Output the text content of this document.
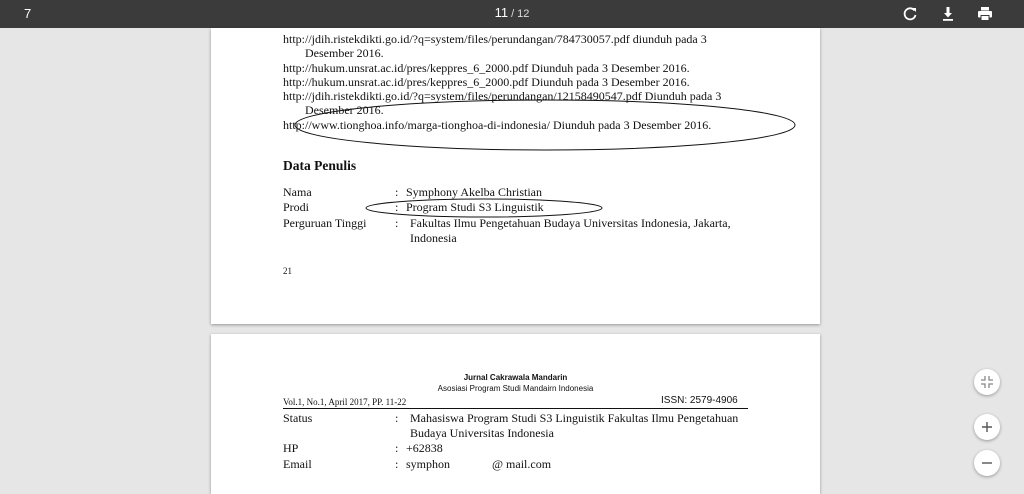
7	11 / 12
http://jdih.ristekdikti.go.id/?q=system/files/perundangan/784730057.pdf diunduh pada 3
Desember 2016.
http://hukum.unsrat.ac.id/pres/keppres_6_2000.pdf Diunduh pada 3 Desember 2016.
http://hukum.unsrat.ac.id/pres/keppres_6_2000.pdf Diunduh pada 3 Desember 2016.
http://jdih.ristekdikti.go.id/?q=system/files/perundangan/12158490547.pdf Diunduh pada 3
Desember 2016.
http://www.tionghoa.info/marga-tionghoa-di-indonesia/ Diunduh pada 3 Desember 2016.
Data Penulis
Nama	: Symphony Akelba Christian
Prodi	: Program Studi S3 Linguistik
Perguruan Tinggi : Fakultas Ilmu Pengetahuan Budaya Universitas Indonesia, Jakarta,
Indonesia
21
Jurnal Cakrawala Mandarin
Asosiasi Program Studi Mandairn Indonesia
Vol.1, No.1, April 2017, PP. 11-22	ISSN: 2579-4906
Status	: Mahasiswa Program Studi S3 Linguistik Fakultas Ilmu Pengetahuan
Budaya Universitas Indonesia
HP	: +62838
Email	: symphon	@ mail.com
